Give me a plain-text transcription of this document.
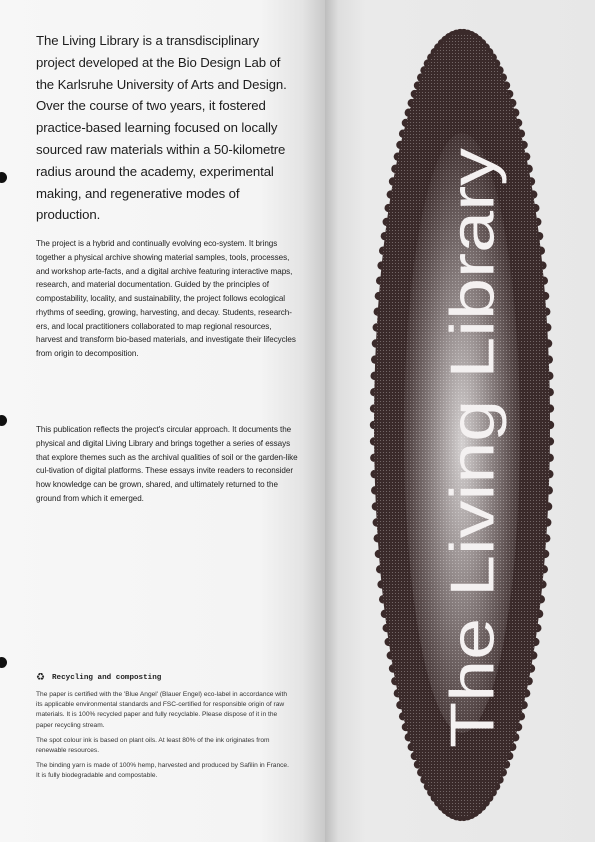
The Living Library is a transdisciplinary project developed at the Bio Design Lab of the Karlsruhe University of Arts and Design. Over the course of two years, it fostered practice-based learning focused on locally sourced raw materials within a 50-kilometre radius around the academy, experimental making, and regenerative modes of production.

The project is a hybrid and continually evolving eco-system. It brings together a physical archive showing material samples, tools, processes, and workshop arte-facts, and a digital archive featuring interactive maps, research, and material documentation. Guided by the principles of compostability, locality, and sustainability, the project follows ecological rhythms of seeding, growing, harvesting, and decay. Students, research-ers, and local practitioners collaborated to map regional resources, harvest and transform bio-based materials, and investigate their lifecycles from origin to decomposition.

This publication reflects the project's circular approach. It documents the physical and digital Living Library and brings together a series of essays that explore themes such as the archival qualities of soil or the garden-like cul-tivation of digital platforms. These essays invite readers to reconsider how knowledge can be grown, shared, and ultimately returned to the ground from which it emerged.

♻ Recycling and composting

The paper is certified with the 'Blue Angel' (Blauer Engel) eco-label in accordance with its applicable environmental standards and FSC-certified for responsible origin of raw materials. It is 100% recycled paper and fully recyclable. Please dispose of it in the paper recycling stream.

The spot colour ink is based on plant oils. At least 80% of the ink originates from renewable resources.

The binding yarn is made of 100% hemp, harvested and produced by Safilin in France. It is fully biodegradable and compostable.

The Living Library
